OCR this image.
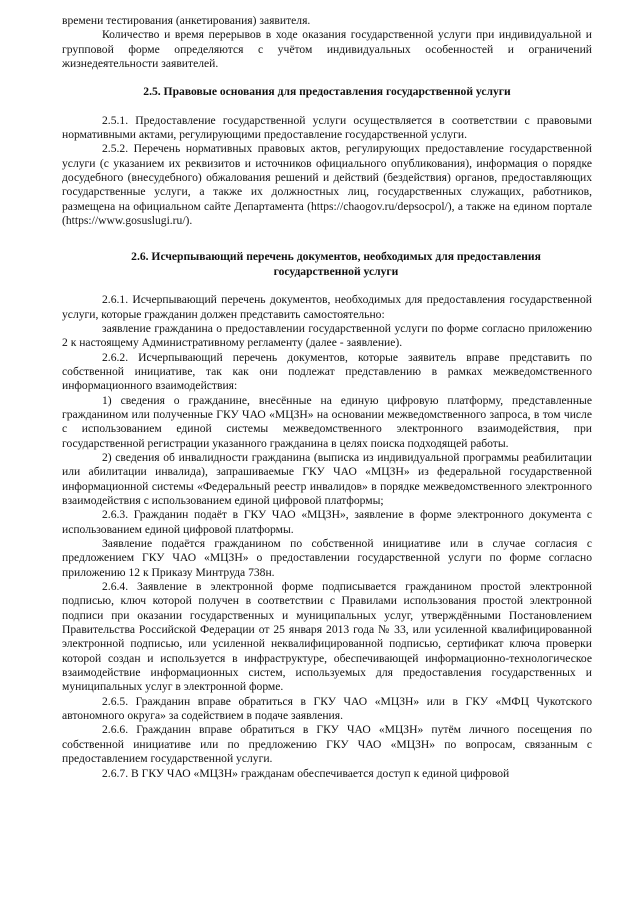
времени тестирования (анкетирования) заявителя.

Количество и время перерывов в ходе оказания государственной услуги при индивидуальной и групповой форме определяются с учётом индивидуальных особенностей и ограничений жизнедеятельности заявителей.

2.5. Правовые основания для предоставления государственной услуги

2.5.1. Предоставление государственной услуги осуществляется в соответствии с правовыми нормативными актами, регулирующими предоставление государственной услуги.

2.5.2. Перечень нормативных правовых актов, регулирующих предоставление государственной услуги (с указанием их реквизитов и источников официального опубликования), информация о порядке досудебного (внесудебного) обжалования решений и действий (бездействия) органов, предоставляющих государственные услуги, а также их должностных лиц, государственных служащих, работников, размещена на официальном сайте Департамента (https://chaogov.ru/depsocpol/), а также на едином портале (https://www.gosuslugi.ru/).

2.6. Исчерпывающий перечень документов, необходимых для предоставления государственной услуги

2.6.1. Исчерпывающий перечень документов, необходимых для предоставления государственной услуги, которые гражданин должен представить самостоятельно:

заявление гражданина о предоставлении государственной услуги по форме согласно приложению 2 к настоящему Административному регламенту (далее - заявление).

2.6.2. Исчерпывающий перечень документов, которые заявитель вправе представить по собственной инициативе, так как они подлежат представлению в рамках межведомственного информационного взаимодействия:

1) сведения о гражданине, внесённые на единую цифровую платформу, представленные гражданином или полученные ГКУ ЧАО «МЦЗН» на основании межведомственного запроса, в том числе с использованием единой системы межведомственного электронного взаимодействия, при государственной регистрации указанного гражданина в целях поиска подходящей работы.

2) сведения об инвалидности гражданина (выписка из индивидуальной программы реабилитации или абилитации инвалида), запрашиваемые ГКУ ЧАО «МЦЗН» из федеральной государственной информационной системы «Федеральный реестр инвалидов» в порядке межведомственного электронного взаимодействия с использованием единой цифровой платформы;

2.6.3. Гражданин подаёт в ГКУ ЧАО «МЦЗН», заявление в форме электронного документа с использованием единой цифровой платформы.

Заявление подаётся гражданином по собственной инициативе или в случае согласия с предложением ГКУ ЧАО «МЦЗН» о предоставлении государственной услуги по форме согласно приложению 12 к Приказу Минтруда 738н.

2.6.4. Заявление в электронной форме подписывается гражданином простой электронной подписью, ключ которой получен в соответствии с Правилами использования простой электронной подписи при оказании государственных и муниципальных услуг, утверждёнными Постановлением Правительства Российской Федерации от 25 января 2013 года № 33, или усиленной квалифицированной электронной подписью, или усиленной неквалифицированной подписью, сертификат ключа проверки которой создан и используется в инфраструктуре, обеспечивающей информационно-технологическое взаимодействие информационных систем, используемых для предоставления государственных и муниципальных услуг в электронной форме.

2.6.5. Гражданин вправе обратиться в ГКУ ЧАО «МЦЗН» или в ГКУ «МФЦ Чукотского автономного округа» за содействием в подаче заявления.

2.6.6. Гражданин вправе обратиться в ГКУ ЧАО «МЦЗН» путём личного посещения по собственной инициативе или по предложению ГКУ ЧАО «МЦЗН» по вопросам, связанным с предоставлением государственной услуги.

2.6.7. В ГКУ ЧАО «МЦЗН» гражданам обеспечивается доступ к единой цифровой
